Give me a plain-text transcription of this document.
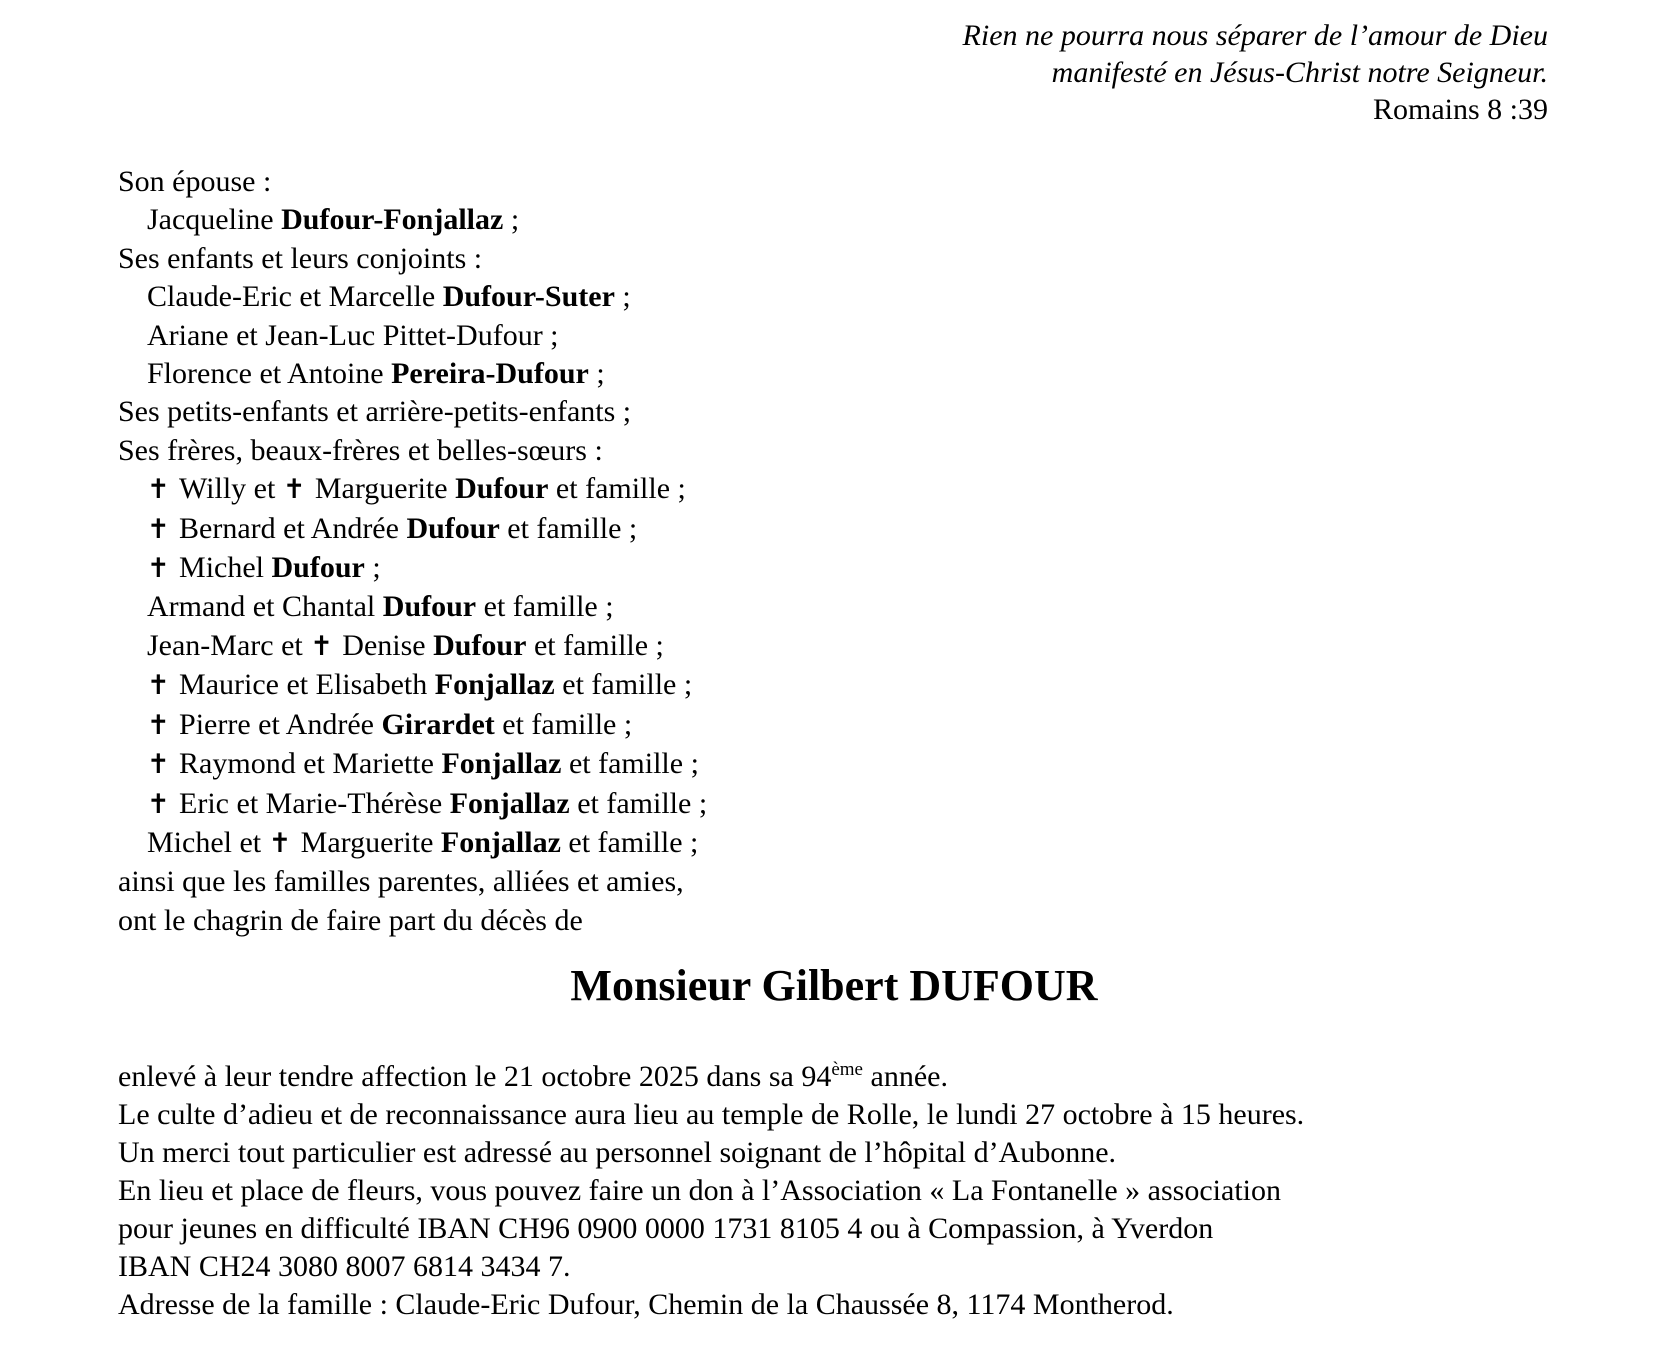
Rien ne pourra nous séparer de l’amour de Dieu
manifesté en Jésus-Christ notre Seigneur.
Romains 8 :39
Son épouse :
Jacqueline Dufour-Fonjallaz ;
Ses enfants et leurs conjoints :
Claude-Eric et Marcelle Dufour-Suter ;
Ariane et Jean-Luc Pittet-Dufour ;
Florence et Antoine Pereira-Dufour ;
Ses petits-enfants et arrière-petits-enfants ;
Ses frères, beaux-frères et belles-sœurs :
✝ Willy et ✝ Marguerite Dufour et famille ;
✝ Bernard et Andrée Dufour et famille ;
✝ Michel Dufour ;
Armand et Chantal Dufour et famille ;
Jean-Marc et ✝ Denise Dufour et famille ;
✝ Maurice et Elisabeth Fonjallaz et famille ;
✝ Pierre et Andrée Girardet et famille ;
✝ Raymond et Mariette Fonjallaz et famille ;
✝ Eric et Marie-Thérèse Fonjallaz et famille ;
Michel et ✝ Marguerite Fonjallaz et famille ;
ainsi que les familles parentes, alliées et amies,
ont le chagrin de faire part du décès de
Monsieur Gilbert DUFOUR
enlevé à leur tendre affection le 21 octobre 2025 dans sa 94ème année.
Le culte d’adieu et de reconnaissance aura lieu au temple de Rolle, le lundi 27 octobre à 15 heures.
Un merci tout particulier est adressé au personnel soignant de l’hôpital d’Aubonne.
En lieu et place de fleurs, vous pouvez faire un don à l’Association « La Fontanelle » association
pour jeunes en difficulté IBAN CH96 0900 0000 1731 8105 4 ou à Compassion, à Yverdon
IBAN CH24 3080 8007 6814 3434 7.
Adresse de la famille : Claude-Eric Dufour, Chemin de la Chaussée 8, 1174 Montherod.
